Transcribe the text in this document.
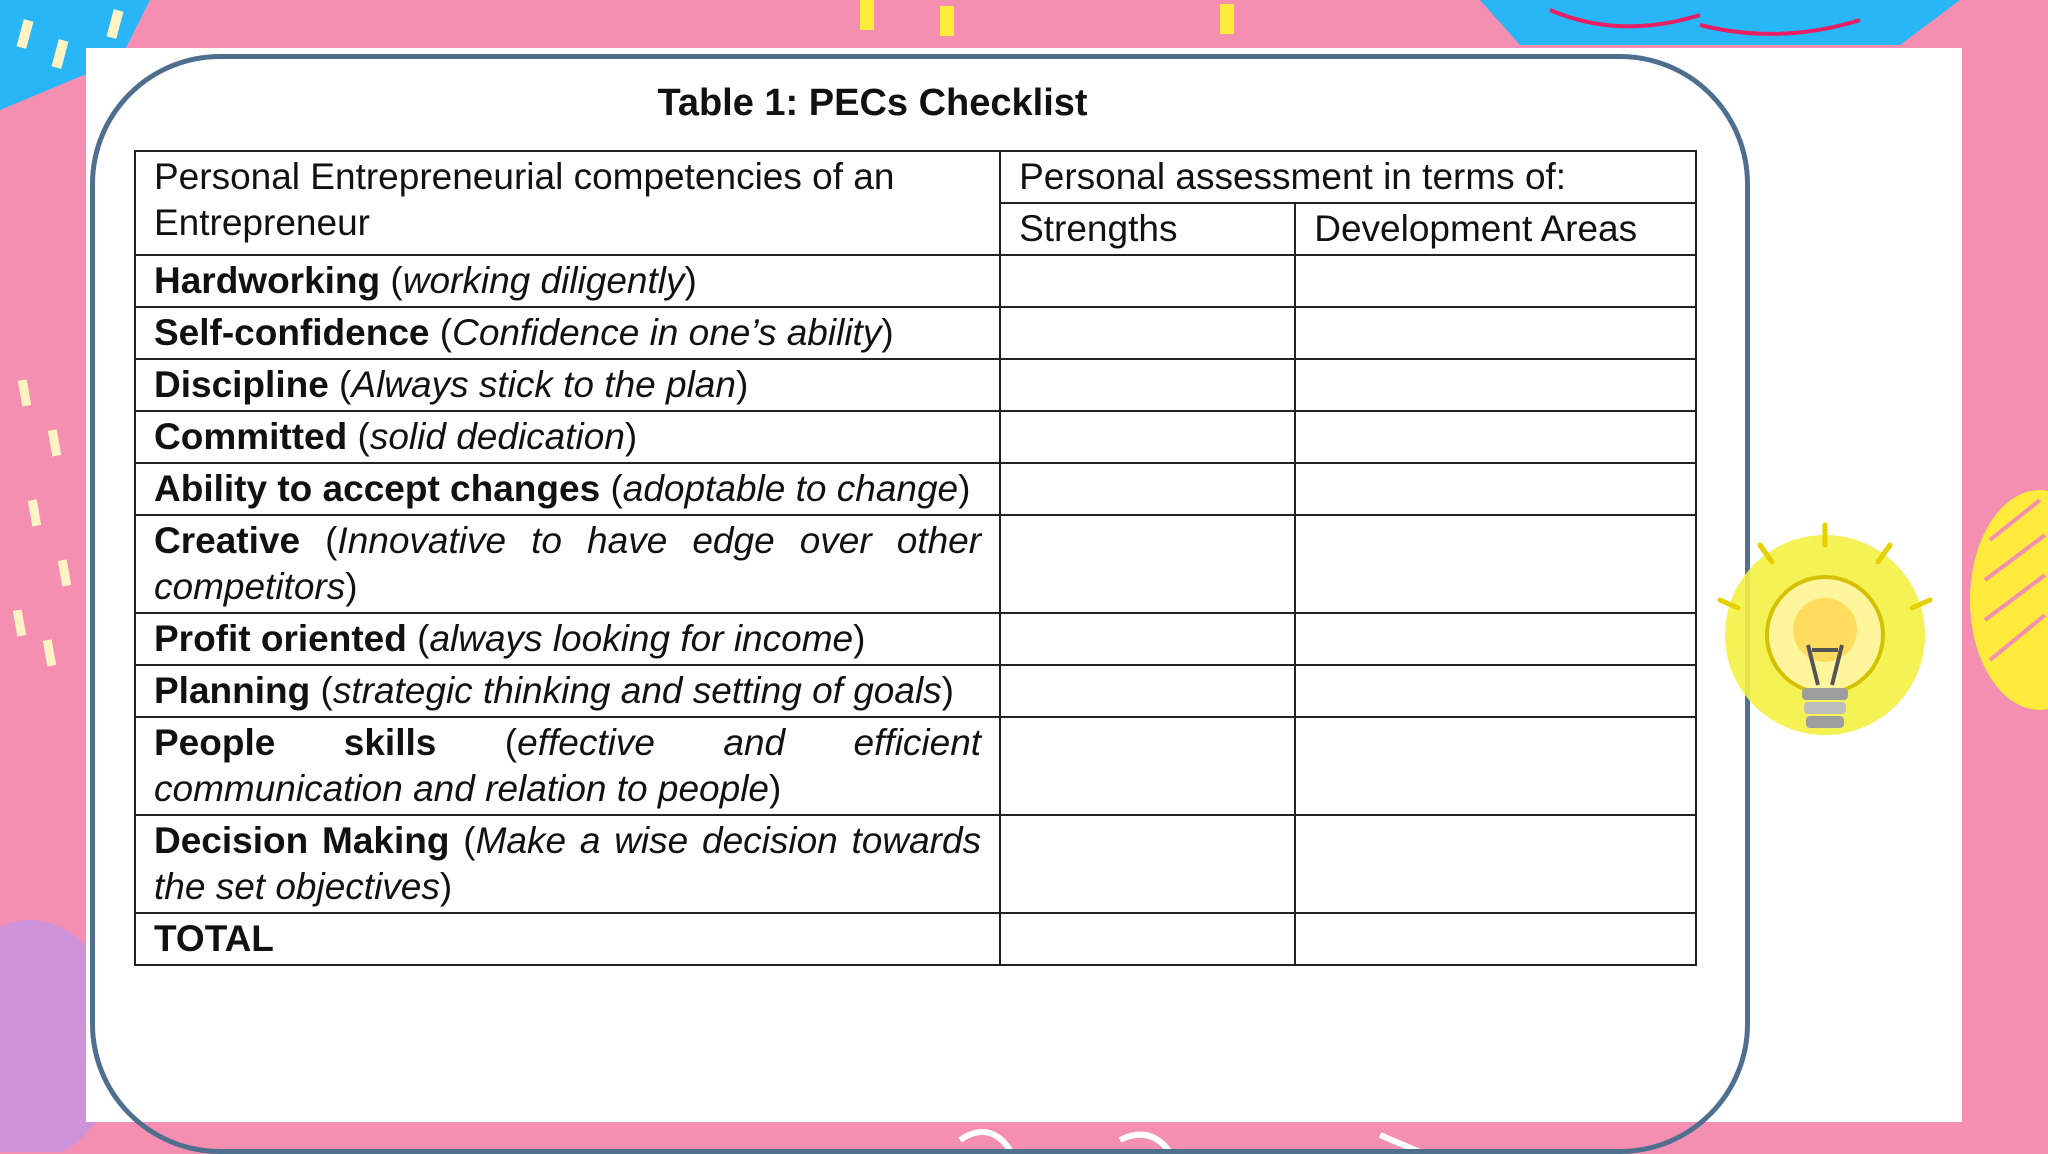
Table 1: PECs Checklist
Personal Entrepreneurial competencies of an Entrepreneur	Personal assessment in terms of:	
	Strengths	Development Areas
Hardworking (working diligently)		
Self-confidence (Confidence in one’s ability)		
Discipline (Always stick to the plan)		
Committed (solid dedication)		
Ability to accept changes (adoptable to change)		
Creative (Innovative to have edge over other competitors)		
Profit oriented (always looking for income)		
Planning (strategic thinking and setting of goals)		
People skills (effective and efficient communication and relation to people)		
Decision Making (Make a wise decision towards the set objectives)		
TOTAL		
